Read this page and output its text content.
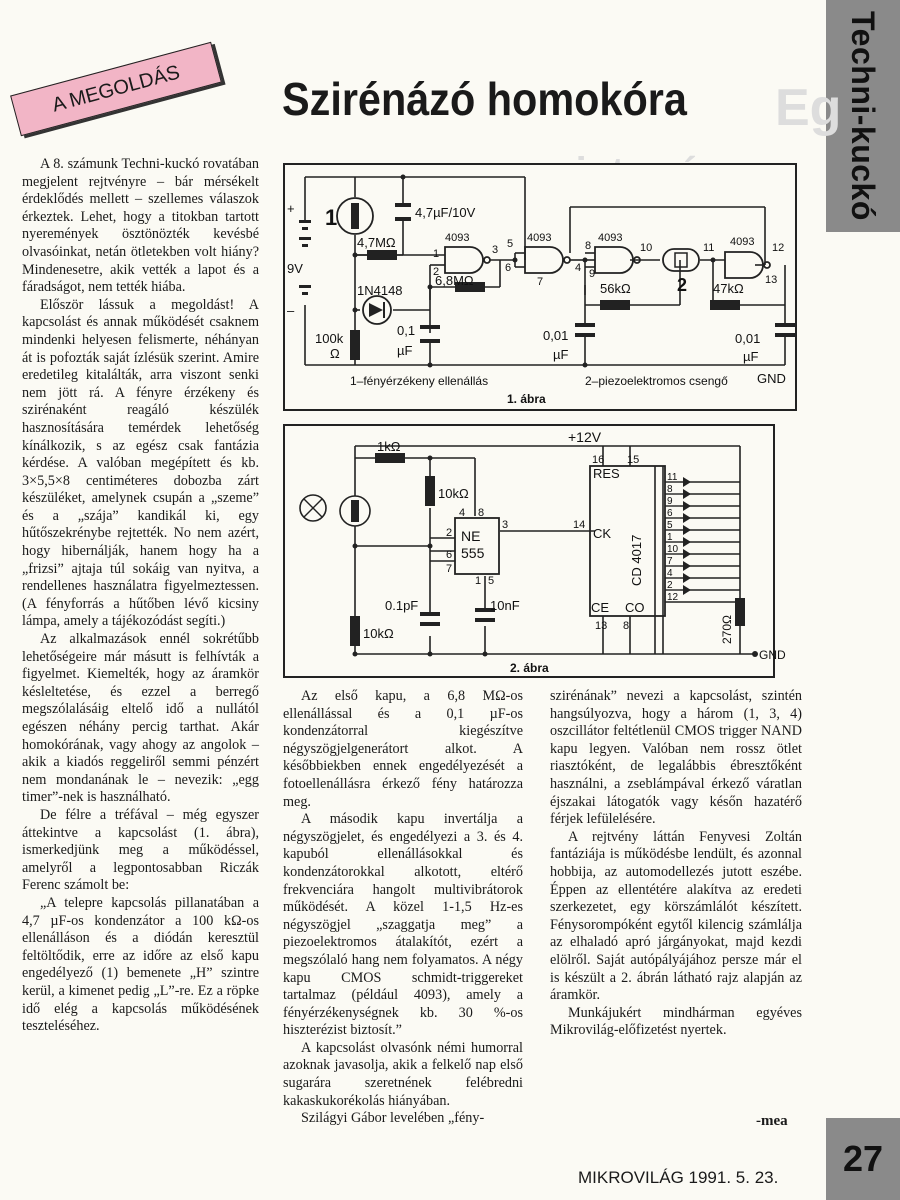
Techni-kuckó
Eg
A MEGOLDÁS	Szirénázó homokóra
1
+
–
9V
4,7µF/10V
4,7MΩ
1N4148
6,8MΩ
100k
Ω
0,1
µF
0,01
µF
0,01
µF
56kΩ	47kΩ
4093	4093	4093	4093
2
1
2
3 5
6	4
8
9
10	11	12
13
7
1–fényérzékeny ellenállás	2–piezoelektromos csengő GND
1. ábra
+12V
1kΩ
10kΩ
10kΩ
0.1pF	10nF
NE
555
4 8
2
6
7
1 5
3
RES
CK
CE CO
16 15
14
13 8
CD 4017
11
8
9
6
5
1
10
7
4
2
12
270Ω
GND
2. ábra

A 8. számunk Techni-kuckó rovatában megjelent rejtvényre – bár mérsékelt érdeklődés mellett – szellemes válaszok érkeztek. Lehet, hogy a titokban tartott nyeremények ösztönözték kevésbé olvasóinkat, netán ötletekben volt hiány? Mindenesetre, akik vették a lapot és a fáradságot, nem tették hiába.

Először lássuk a megoldást! A kapcsolást és annak működését csaknem mindenki helyesen felismerte, néhányan át is pofozták saját ízlésük szerint. Amire eredetileg kitalálták, arra viszont senki nem jött rá. A fényre érzékeny és szirénaként reagáló készülék hasznosítására temérdek lehetőség kínálkozik, s az egész csak fantázia kérdése. A valóban megépített és kb. 3×5,5×8 centiméteres dobozba zárt készüléket, amelynek csupán a „szeme” és a „szája” kandikál ki, egy hűtőszekrénybe rejtették. No nem azért, hogy hibernálják, hanem hogy ha a „frizsi” ajtaja túl sokáig van nyitva, a rendellenes használatra figyelmeztessen. (A fényforrás a hűtőben lévő kicsiny lámpa, amely a tájékozódást segíti.)

Az alkalmazások ennél sokrétűbb lehetőségeire már másutt is felhívták a figyelmet. Kiemelték, hogy az áramkör késleltetése, és ezzel a berregő megszólalásáig eltelő idő a nullától egészen néhány percig tarthat. Akár homokórának, vagy ahogy az angolok – akik a kiadós reggeliről semmi pénzért nem mondanának le – nevezik: „egg timer”-nek is használható.

De félre a tréfával – még egyszer áttekintve a kapcsolást (1. ábra), ismerkedjünk meg a működéssel, amelyről a legpontosabban Riczák Ferenc számolt be:

„A telepre kapcsolás pillanatában a 4,7 µF-os kondenzátor a 100 kΩ-os ellenálláson és a diódán keresztül feltöltődik, erre az időre az első kapu engedélyező (1) bemenete „H” szintre kerül, a kimenet pedig „L”-re. Ez a röpke idő elég a kapcsolás működésének teszteléséhez.

Az első kapu, a 6,8 MΩ-os ellenállással és a 0,1 µF-os kondenzátorral kiegészítve négyszögjelgenerátort alkot. A későbbiekben ennek engedélyezését a fotoellenállásra érkező fény határozza meg.

A második kapu invertálja a négyszögjelet, és engedélyezi a 3. és 4. kapuból ellenállásokkal és kondenzátorokkal alkotott, eltérő frekvenciára hangolt multivibrátorok működését. A közel 1-1,5 Hz-es négyszögjel „szaggatja meg” a piezoelektromos átalakítót, ezért a megszólaló hang nem folyamatos. A négy kapu CMOS schmidt-triggereket tartalmaz (például 4093), amely a fényérzékenységnek kb. 30 %-os hiszterézist biztosít.”

A kapcsolást olvasónk némi humorral azoknak javasolja, akik a felkelő nap első sugarára szeretnének felébredni kakaskukorékolás hiányában.

Szilágyi Gábor levelében „fény-

szirénának” nevezi a kapcsolást, szintén hangsúlyozva, hogy a három (1, 3, 4) oszcillátor feltétlenül CMOS trigger NAND kapu legyen. Valóban nem rossz ötlet riasztóként, de legalábbis ébresztőként használni, a zseblámpával érkező váratlan éjszakai látogatók vagy későn hazatérő férjek lefülelésére.

A rejtvény láttán Fenyvesi Zoltán fantáziája is működésbe lendült, és azonnal hobbija, az automodellezés jutott eszébe. Éppen az ellentétére alakítva az eredeti szerkezetet, egy körszámlálót készített. Fénysorompóként egytől kilencig számlálja az elhaladó apró járgányokat, majd kezdi elölről. Saját autópályájához persze már el is készült a 2. ábrán látható rajz alapján az áramkör.

Munkájukért mindhárman egyéves Mikrovilág-előfizetést nyertek.

-mea
MIKROVILÁG 1991. 5. 23.	27
